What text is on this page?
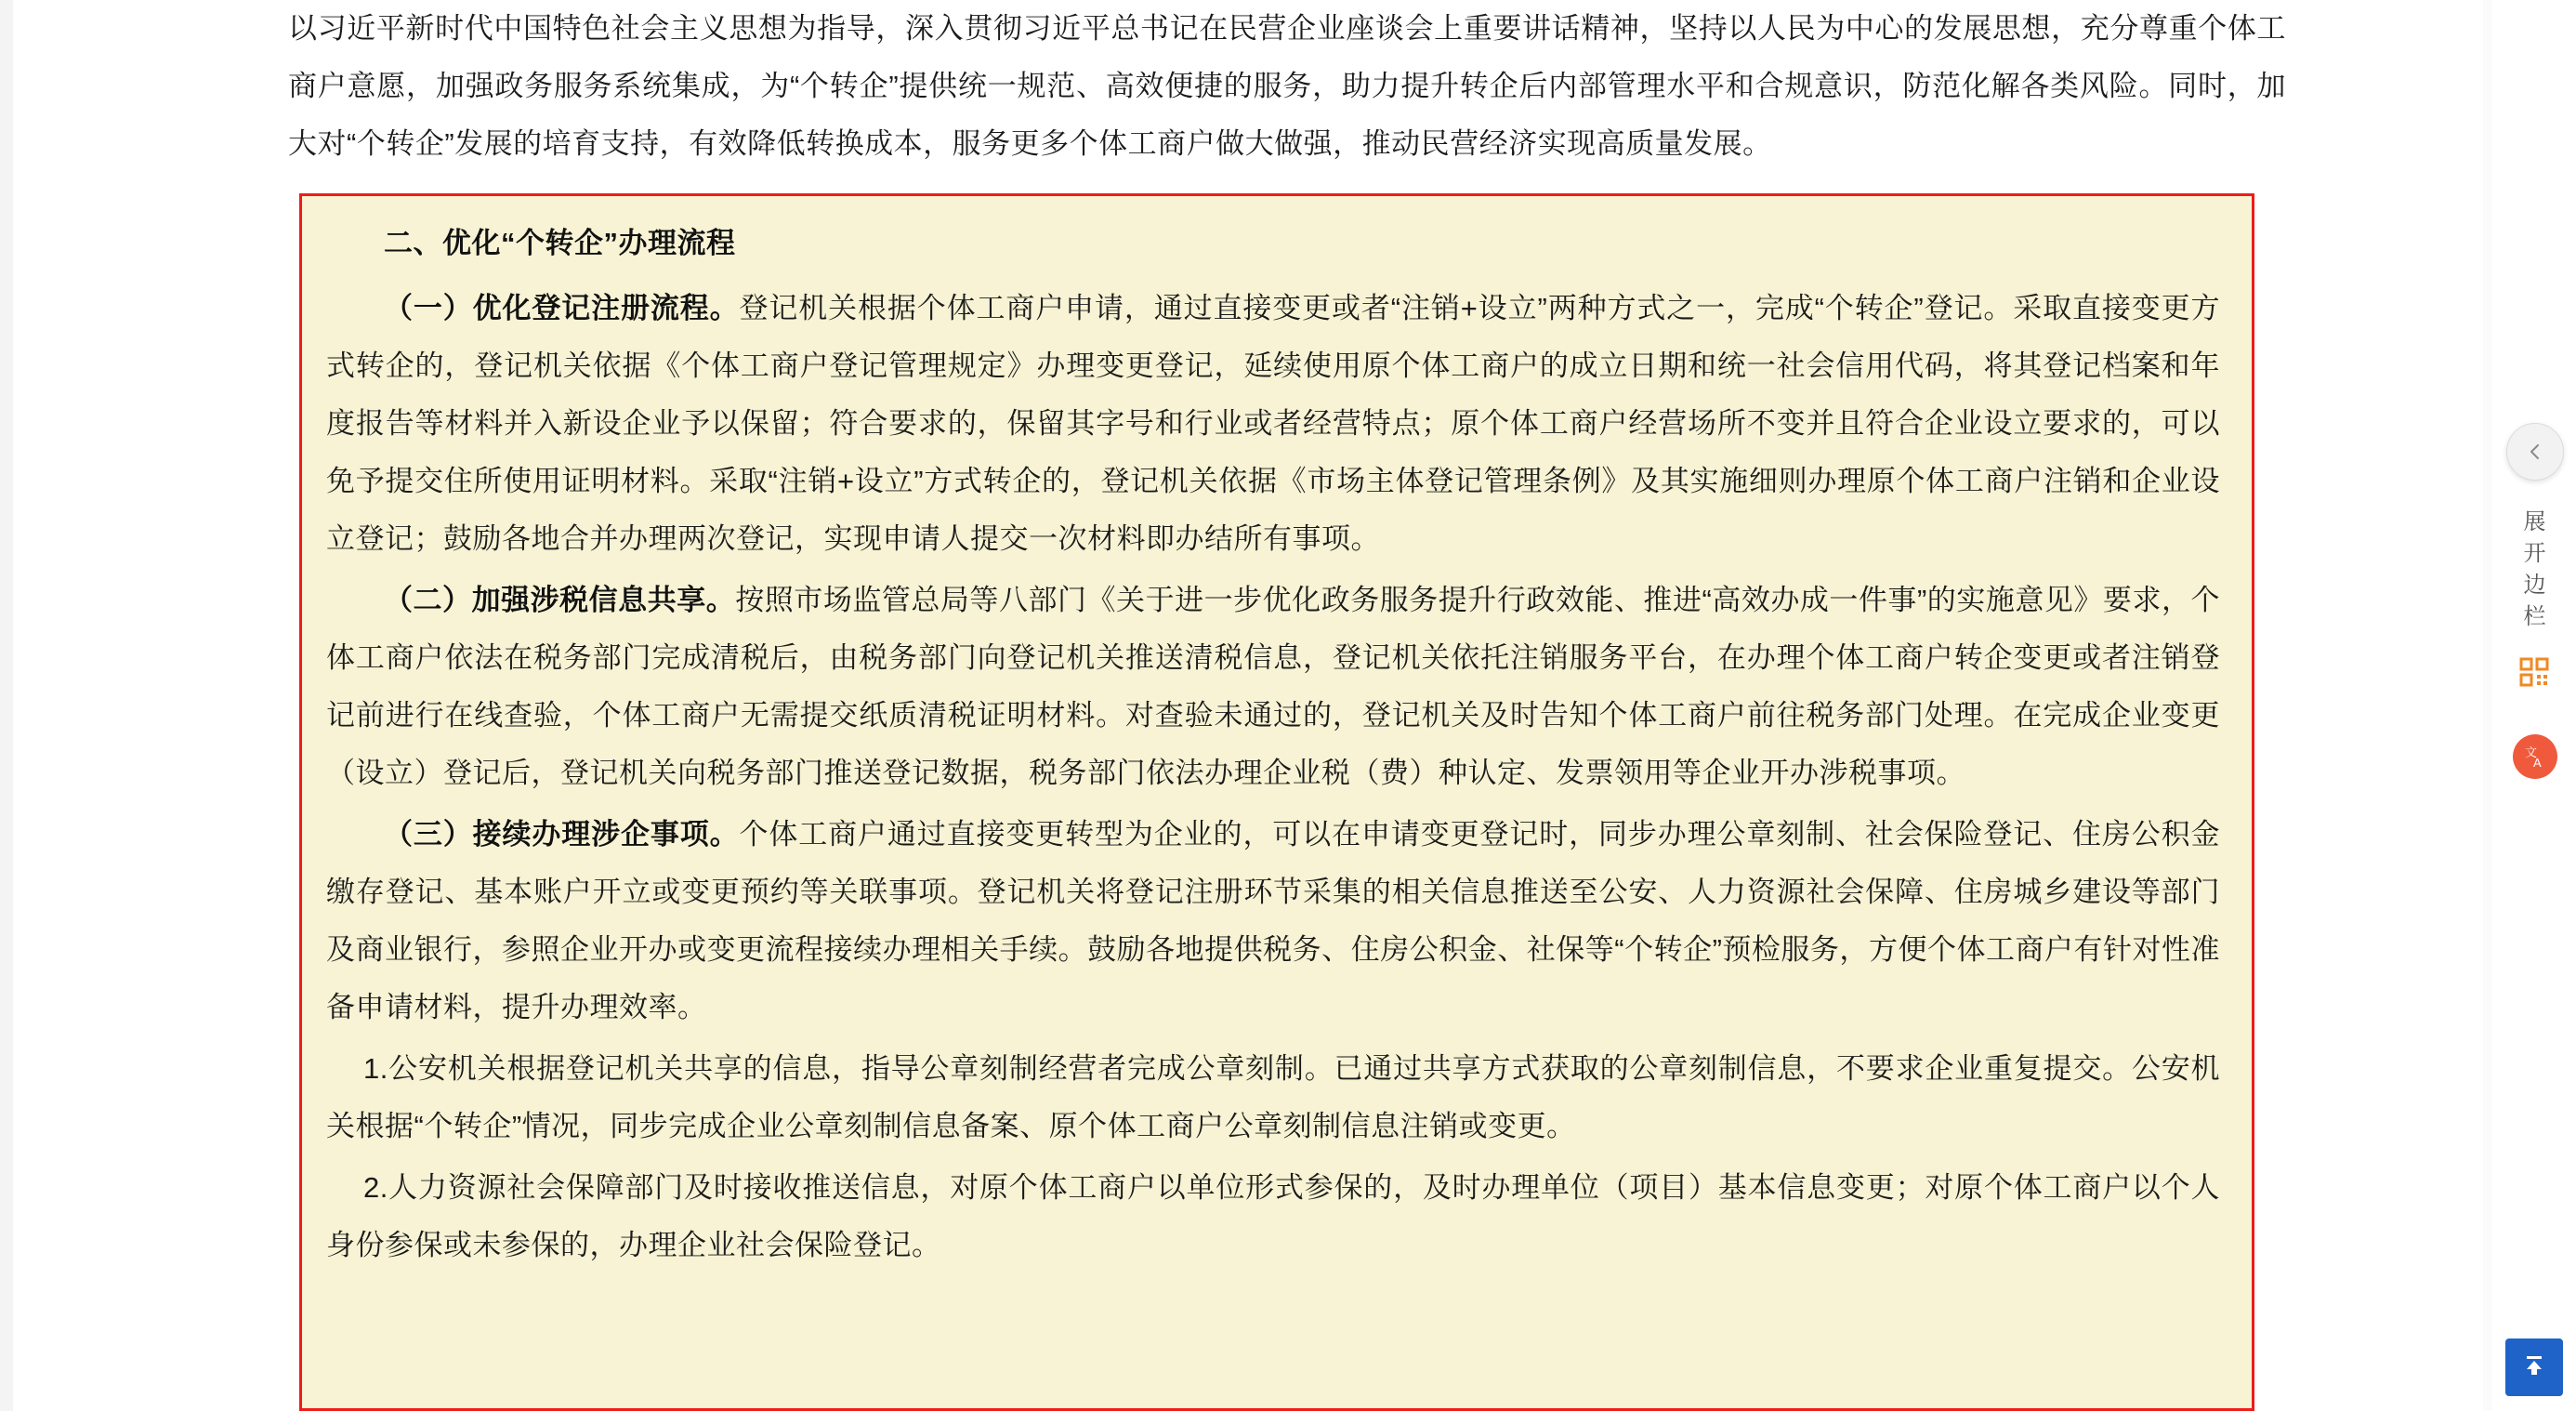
以习近平新时代中国特色社会主义思想为指导，深入贯彻习近平总书记在民营企业座谈会上重要讲话精神，坚持以人民为中心的发展思想，充分尊重个体工商户意愿，加强政务服务系统集成，为“个转企”提供统一规范、高效便捷的服务，助力提升转企后内部管理水平和合规意识，防范化解各类风险。同时，加大对“个转企”发展的培育支持，有效降低转换成本，服务更多个体工商户做大做强，推动民营经济实现高质量发展。

二、优化“个转企”办理流程

（一）优化登记注册流程。登记机关根据个体工商户申请，通过直接变更或者“注销+设立”两种方式之一，完成“个转企”登记。采取直接变更方式转企的，登记机关依据《个体工商户登记管理规定》办理变更登记，延续使用原个体工商户的成立日期和统一社会信用代码，将其登记档案和年度报告等材料并入新设企业予以保留；符合要求的，保留其字号和行业或者经营特点；原个体工商户经营场所不变并且符合企业设立要求的，可以免予提交住所使用证明材料。采取“注销+设立”方式转企的，登记机关依据《市场主体登记管理条例》及其实施细则办理原个体工商户注销和企业设立登记；鼓励各地合并办理两次登记，实现申请人提交一次材料即办结所有事项。

（二）加强涉税信息共享。按照市场监管总局等八部门《关于进一步优化政务服务提升行政效能、推进“高效办成一件事”的实施意见》要求，个体工商户依法在税务部门完成清税后，由税务部门向登记机关推送清税信息，登记机关依托注销服务平台，在办理个体工商户转企变更或者注销登记前进行在线查验，个体工商户无需提交纸质清税证明材料。对查验未通过的，登记机关及时告知个体工商户前往税务部门处理。在完成企业变更（设立）登记后，登记机关向税务部门推送登记数据，税务部门依法办理企业税（费）种认定、发票领用等企业开办涉税事项。

（三）接续办理涉企事项。个体工商户通过直接变更转型为企业的，可以在申请变更登记时，同步办理公章刻制、社会保险登记、住房公积金缴存登记、基本账户开立或变更预约等关联事项。登记机关将登记注册环节采集的相关信息推送至公安、人力资源社会保障、住房城乡建设等部门及商业银行，参照企业开办或变更流程接续办理相关手续。鼓励各地提供税务、住房公积金、社保等“个转企”预检服务，方便个体工商户有针对性准备申请材料，提升办理效率。

1.公安机关根据登记机关共享的信息，指导公章刻制经营者完成公章刻制。已通过共享方式获取的公章刻制信息，不要求企业重复提交。公安机关根据“个转企”情况，同步完成企业公章刻制信息备案、原个体工商户公章刻制信息注销或变更。

2.人力资源社会保障部门及时接收推送信息，对原个体工商户以单位形式参保的，及时办理单位（项目）基本信息变更；对原个体工商户以个人身份参保或未参保的，办理企业社会保险登记。

展开边栏
文
A
